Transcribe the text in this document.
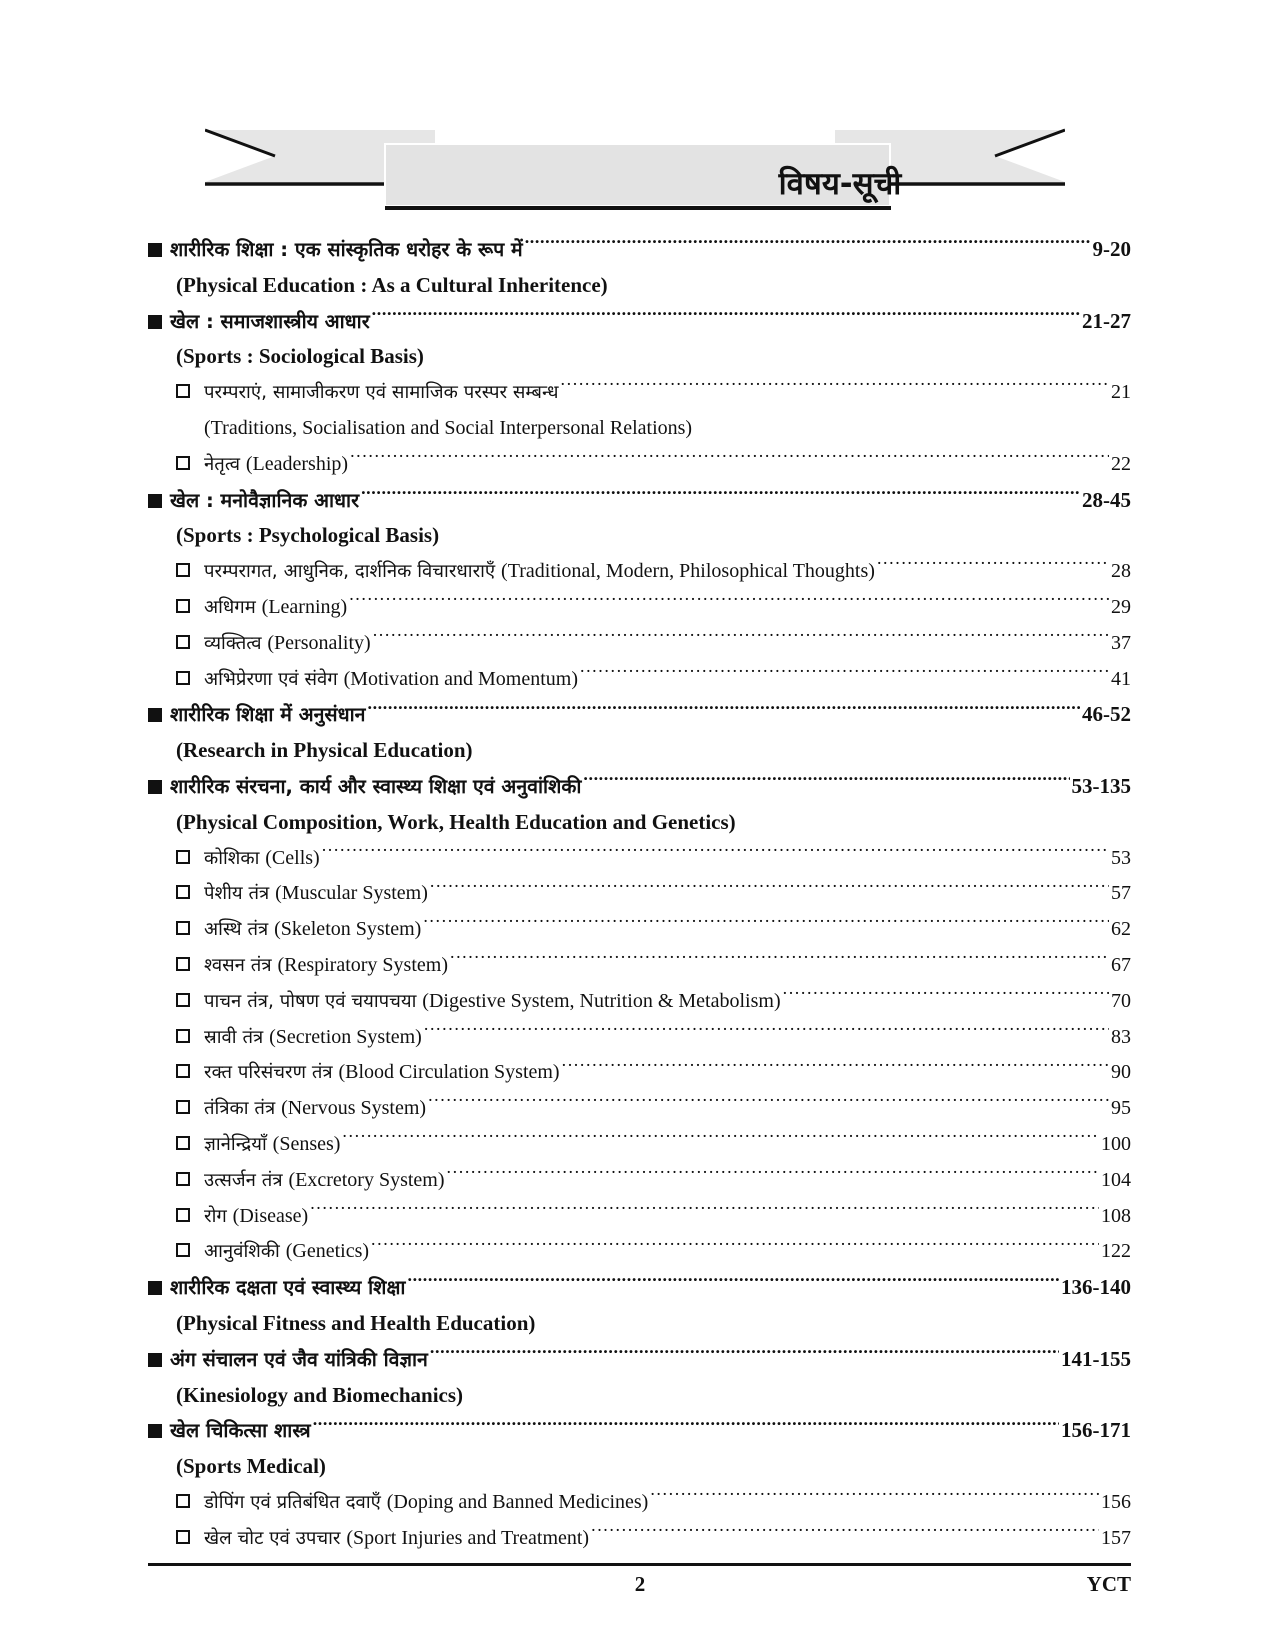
विषय-सूची
शारीरिक शिक्षा : एक सांस्कृतिक धरोहर के रूप में .....	9-20
(Physical Education : As a Cultural Inheritence)
खेल : समाजशास्त्रीय आधार .....	21-27
(Sports : Sociological Basis)
परम्पराएं, सामाजीकरण एवं सामाजिक परस्पर सम्बन्ध .....	21
(Traditions, Socialisation and Social Interpersonal Relations)
नेतृत्व (Leadership) .....	22
खेल : मनोवैज्ञानिक आधार .....	28-45
(Sports : Psychological Basis)
परम्परागत, आधुनिक, दार्शनिक विचारधाराएँ (Traditional, Modern, Philosophical Thoughts) .....	28
अधिगम (Learning) .....	29
व्यक्तित्व (Personality) .....	37
अभिप्रेरणा एवं संवेग (Motivation and Momentum) .....	41
शारीरिक शिक्षा में अनुसंधान .....	46-52
(Research in Physical Education)
शारीरिक संरचना, कार्य और स्वास्थ्य शिक्षा एवं अनुवांशिकी .....	53-135
(Physical Composition, Work, Health Education and Genetics)
कोशिका (Cells) .....	53
पेशीय तंत्र (Muscular System) .....	57
अस्थि तंत्र (Skeleton System) .....	62
श्वसन तंत्र (Respiratory System) .....	67
पाचन तंत्र, पोषण एवं चयापचया (Digestive System, Nutrition & Metabolism) .....	70
स्रावी तंत्र (Secretion System) .....	83
रक्त परिसंचरण तंत्र (Blood Circulation System) .....	90
तंत्रिका तंत्र (Nervous System) .....	95
ज्ञानेन्द्रियाँ (Senses) .....	100
उत्सर्जन तंत्र (Excretory System) .....	104
रोग (Disease) .....	108
आनुवंशिकी (Genetics) .....	122
शारीरिक दक्षता एवं स्वास्थ्य शिक्षा .....	136-140
(Physical Fitness and Health Education)
अंग संचालन एवं जैव यांत्रिकी विज्ञान .....	141-155
(Kinesiology and Biomechanics)
खेल चिकित्सा शास्त्र .....	156-171
(Sports Medical)
डोपिंग एवं प्रतिबंधित दवाएँ (Doping and Banned Medicines) .....	156
खेल चोट एवं उपचार (Sport Injuries and Treatment) .....	157
2	YCT
